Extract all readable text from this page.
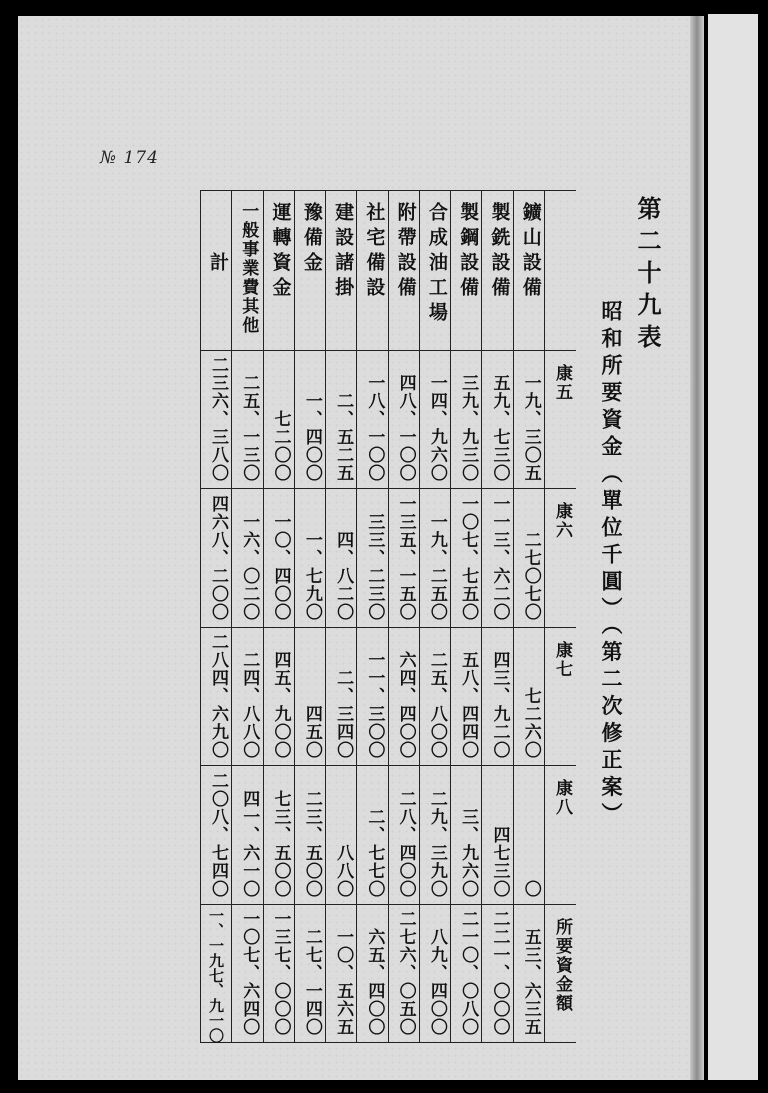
№ 174
第二十九表
昭和所要資金（單位千圓）（第二次修正案）
康五
康六
康七
康八
所要資金額
鑛山設備
一九、三〇五
二七〇七〇
七二六〇
〇
五三、六三五
製銑設備
五九、七三〇
一一三、六二〇
四三、九二〇
四七三〇
二二一、〇〇〇
製鋼設備
三九、九三〇
一〇七、七五〇
五八、四四〇
三、九六〇
二一〇、〇八〇
合成油工場
一四、九六〇
一九、二五〇
二五、八〇〇
二九、三九〇
八九、四〇〇
附帶設備
四八、一〇〇
一三五、一五〇
六四、四〇〇
二八、四〇〇
二七六、〇五〇
社宅備設
一八、一〇〇
三三、二三〇
一一、三〇〇
二、七七〇
六五、四〇〇
建設諸掛
二、五二五
四、八二〇
二、三四〇
八八〇
一〇、五六五
豫備金
一、四〇〇
一、七九〇
四五〇
二三、五〇〇
二七、一四〇
運轉資金
七二〇〇
一〇、四〇〇
四五、九〇〇
七三、五〇〇
一三七、〇〇〇
一般事業費其他
二五、一三〇
一六、〇二〇
二四、八八〇
四一、六一〇
一〇七、六四〇
計
二三六、三八〇
四六八、二〇〇
二八四、六九〇
二〇八、七四〇
一、一九七、九一〇
